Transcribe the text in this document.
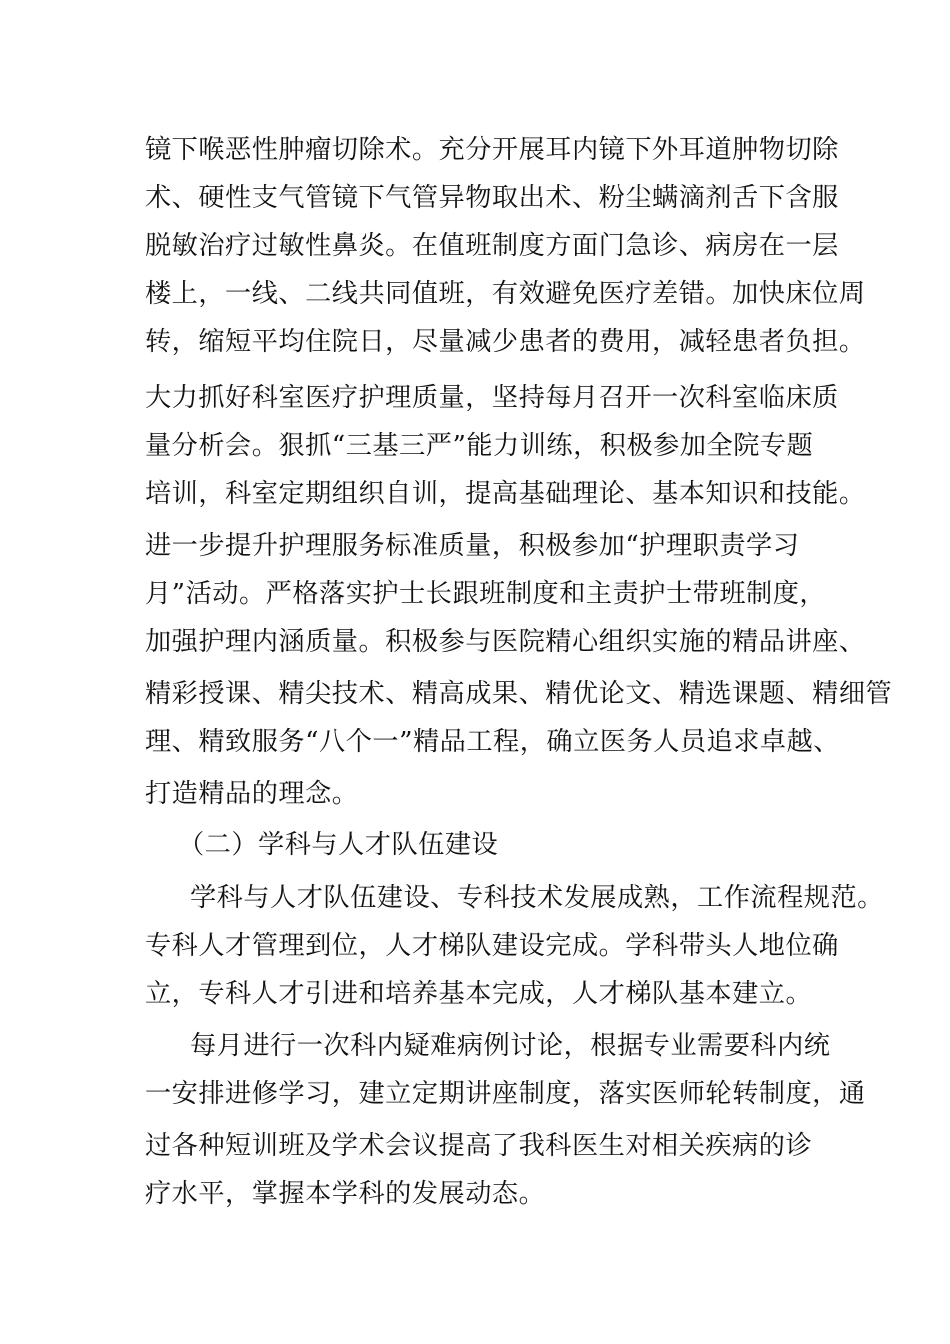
镜下喉恶性肿瘤切除术。充分开展耳内镜下外耳道肿物切除
术、硬性支气管镜下气管异物取出术、粉尘螨滴剂舌下含服
脱敏治疗过敏性鼻炎。在值班制度方面门急诊、病房在一层
楼上，一线、二线共同值班，有效避免医疗差错。加快床位周
转，缩短平均住院日，尽量减少患者的费用，减轻患者负担。
大力抓好科室医疗护理质量，坚持每月召开一次科室临床质
量分析会。狠抓“三基三严”能力训练，积极参加全院专题
培训，科室定期组织自训，提高基础理论、基本知识和技能。
进一步提升护理服务标准质量，积极参加“护理职责学习
月”活动。严格落实护士长跟班制度和主责护士带班制度，
加强护理内涵质量。积极参与医院精心组织实施的精品讲座、
精彩授课、精尖技术、精高成果、精优论文、精选课题、精细管
理、精致服务“八个一”精品工程，确立医务人员追求卓越、
打造精品的理念。
（二）学科与人才队伍建设
学科与人才队伍建设、专科技术发展成熟，工作流程规范。
专科人才管理到位，人才梯队建设完成。学科带头人地位确
立，专科人才引进和培养基本完成，人才梯队基本建立。
每月进行一次科内疑难病例讨论，根据专业需要科内统
一安排进修学习，建立定期讲座制度，落实医师轮转制度，通
过各种短训班及学术会议提高了我科医生对相关疾病的诊
疗水平，掌握本学科的发展动态。
